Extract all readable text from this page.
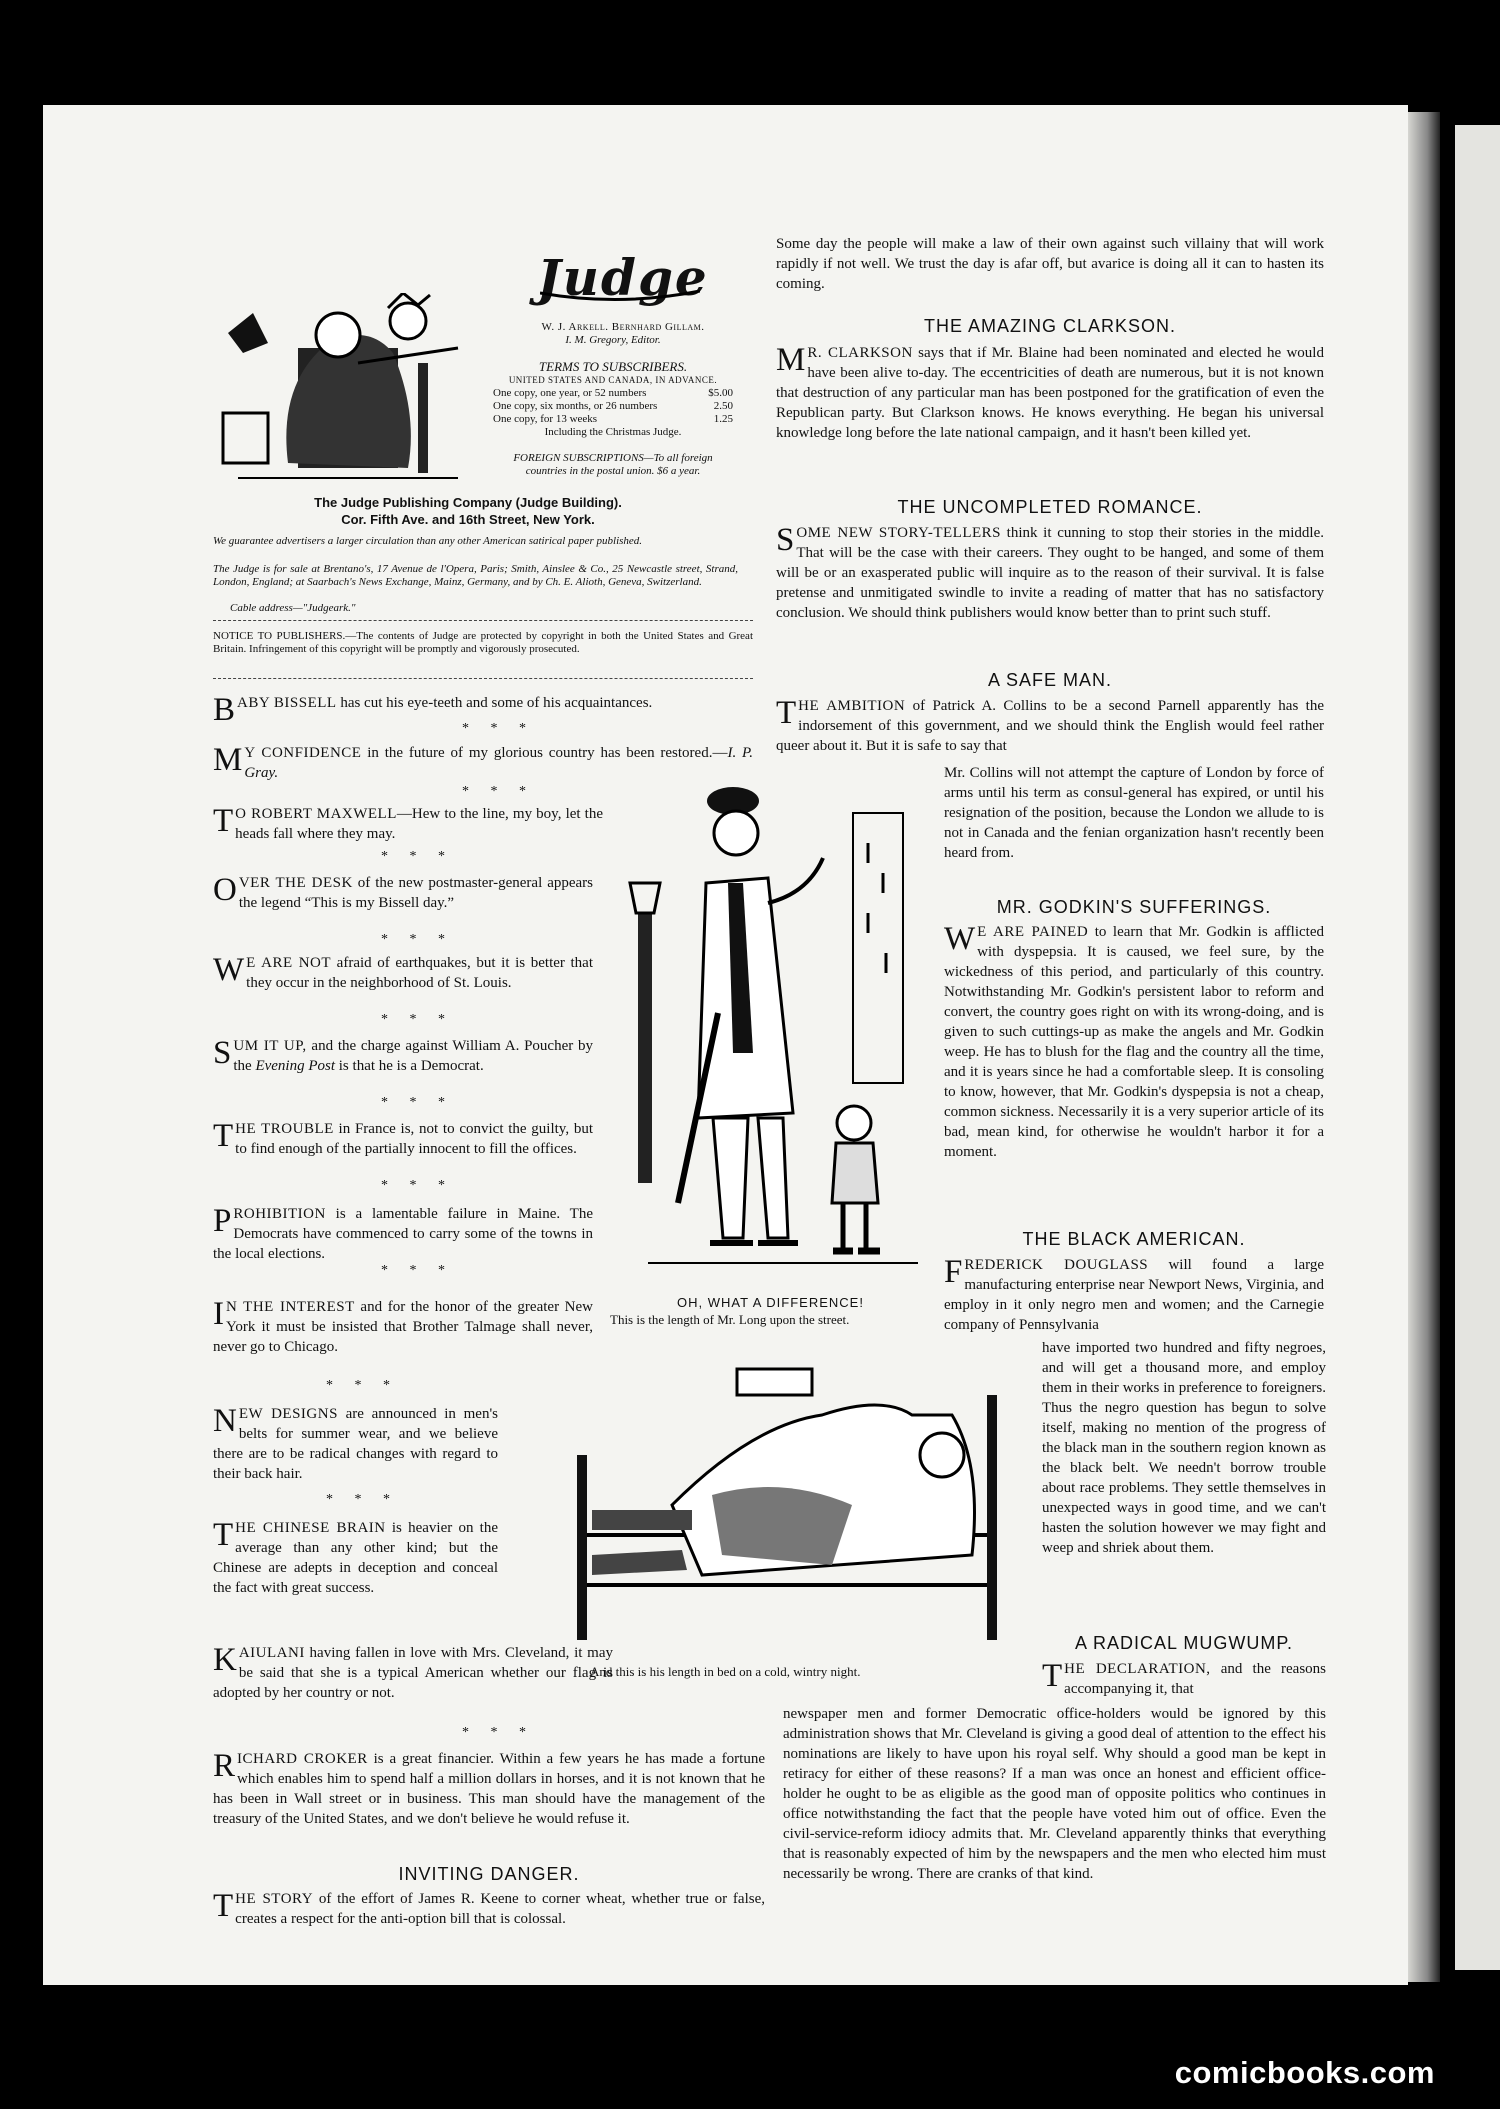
Judge
W. J. Arkell. Bernhard Gillam.
I. M. Gregory, Editor.
TERMS TO SUBSCRIBERS.
UNITED STATES AND CANADA, IN ADVANCE.
One copy, one year, or 52 numbers	$5.00
One copy, six months, or 26 numbers	2.50
One copy, for 13 weeks	1.25
Including the Christmas Judge.
FOREIGN SUBSCRIPTIONS—To all foreign countries in the postal union. $6 a year.
The Judge Publishing Company (Judge Building).
Cor. Fifth Ave. and 16th Street, New York.
We guarantee advertisers a larger circulation than any other American satirical paper published.
The Judge is for sale at Brentano's, 17 Avenue de l'Opera, Paris; Smith, Ainslee & Co., 25 Newcastle street, Strand, London, England; at Saarbach's News Exchange, Mainz, Germany, and by Ch. E. Alioth, Geneva, Switzerland.
Cable address—"Judgeark."
NOTICE TO PUBLISHERS.—The contents of Judge are protected by copyright in both the United States and Great Britain. Infringement of this copyright will be promptly and vigorously prosecuted.
BABY BISSELL has cut his eye-teeth and some of his acquaintances.
* * *
M Y CONFIDENCE in the future of my glorious country has been restored.—I. P. Gray.
* * *
T O ROBERT MAXWELL—Hew to the line, my boy, let the heads fall where they may.
* * *
OVER THE DESK of the new postmaster-general appears the legend “This is my Bissell day.”
* * *
W E ARE NOT afraid of earthquakes, but it is better that they occur in the neighborhood of St. Louis.
* * *
SUM IT UP, and the charge against William A. Poucher by the Evening Post is that he is a Democrat.
* * *
THE TROUBLE in France is, not to convict the guilty, but to find enough of the partially innocent to fill the offices.
* * *
PROHIBITION is a lamentable failure in Maine. The Democrats have commenced to carry some of the towns in the local elections.
* * *
I N THE INTEREST and for the honor of the greater New York it must be insisted that Brother Talmage shall never, never go to Chicago.
* * *
NEW DESIGNS are announced in men's belts for summer wear, and we believe there are to be radical changes with regard to their back hair.
* * *
THE CHINESE BRAIN is heavier on the average than any other kind; but the Chinese are adepts in deception and conceal the fact with great success.
KAIULANI having fallen in love with Mrs. Cleveland, it may be said that she is a typical American whether our flag is adopted by her country or not.
* * *
RICHARD CROKER is a great financier. Within a few years he has made a fortune which enables him to spend half a million dollars in horses, and it is not known that he has been in Wall street or in business. This man should have the management of the treasury of the United States, and we don't believe he would refuse it.
INVITING DANGER.
THE STORY of the effort of James R. Keene to corner wheat, whether true or false, creates a respect for the anti-option bill that is colossal.
Some day the people will make a law of their own against such villainy that will work rapidly if not well. We trust the day is afar off, but avarice is doing all it can to hasten its coming.
THE AMAZING CLARKSON.
M R. CLARKSON says that if Mr. Blaine had been nominated and elected he would have been alive to-day. The eccentricities of death are numerous, but it is not known that destruction of any particular man has been postponed for the gratification of even the Republican party. But Clarkson knows. He knows everything. He began his universal knowledge long before the late national campaign, and it hasn't been killed yet.
THE UNCOMPLETED ROMANCE.
SOME NEW STORY-TELLERS think it cunning to stop their stories in the middle. That will be the case with their careers. They ought to be hanged, and some of them will be or an exasperated public will inquire as to the reason of their survival. It is false pretense and unmitigated swindle to invite a reading of matter that has no satisfactory conclusion. We should think publishers would know better than to print such stuff.
A SAFE MAN.
THE AMBITION of Patrick A. Collins to be a second Parnell apparently has the indorsement of this government, and we should think the English would feel rather queer about it. But it is safe to say that
Mr. Collins will not attempt the capture of London by force of arms until his term as consul-general has expired, or until his resignation of the position, because the London we allude to is not in Canada and the fenian organization hasn't recently been heard from.
MR. GODKIN'S SUFFERINGS.
W E ARE PAINED to learn that Mr. Godkin is afflicted with dyspepsia. It is caused, we feel sure, by the wickedness of this period, and particularly of this country. Notwithstanding Mr. Godkin's persistent labor to reform and convert, the country goes right on with its wrong-doing, and is given to such cuttings-up as make the angels and Mr. Godkin weep. He has to blush for the flag and the country all the time, and it is years since he had a comfortable sleep. It is consoling to know, however, that Mr. Godkin's dyspepsia is not a cheap, common sickness. Necessarily it is a very superior article of its bad, mean kind, for otherwise he wouldn't harbor it for a moment.
THE BLACK AMERICAN.
FREDERICK DOUGLASS will found a large manufacturing enterprise near Newport News, Virginia, and employ in it only negro men and women; and the Carnegie company of Pennsylvania
have imported two hundred and fifty negroes, and will get a thousand more, and employ them in their works in preference to foreigners. Thus the negro question has begun to solve itself, making no mention of the progress of the black man in the southern region known as the black belt. We needn't borrow trouble about race problems. They settle themselves in unexpected ways in good time, and we can't hasten the solution however we may fight and weep and shriek about them.
A RADICAL MUGWUMP.
THE DECLARATION, and the reasons accompanying it, that
newspaper men and former Democratic office-holders would be ignored by this administration shows that Mr. Cleveland is giving a good deal of attention to the effect his nominations are likely to have upon his royal self. Why should a good man be kept in retiracy for either of these reasons? If a man was once an honest and efficient office-holder he ought to be as eligible as the good man of opposite politics who continues in office notwithstanding the fact that the people have voted him out of office. Even the civil-service-reform idiocy admits that. Mr. Cleveland apparently thinks that everything that is reasonably expected of him by the newspapers and the men who elected him must necessarily be wrong. There are cranks of that kind.
OH, WHAT A DIFFERENCE!
This is the length of Mr. Long upon the street.
And this is his length in bed on a cold, wintry night.
comicbooks.com
